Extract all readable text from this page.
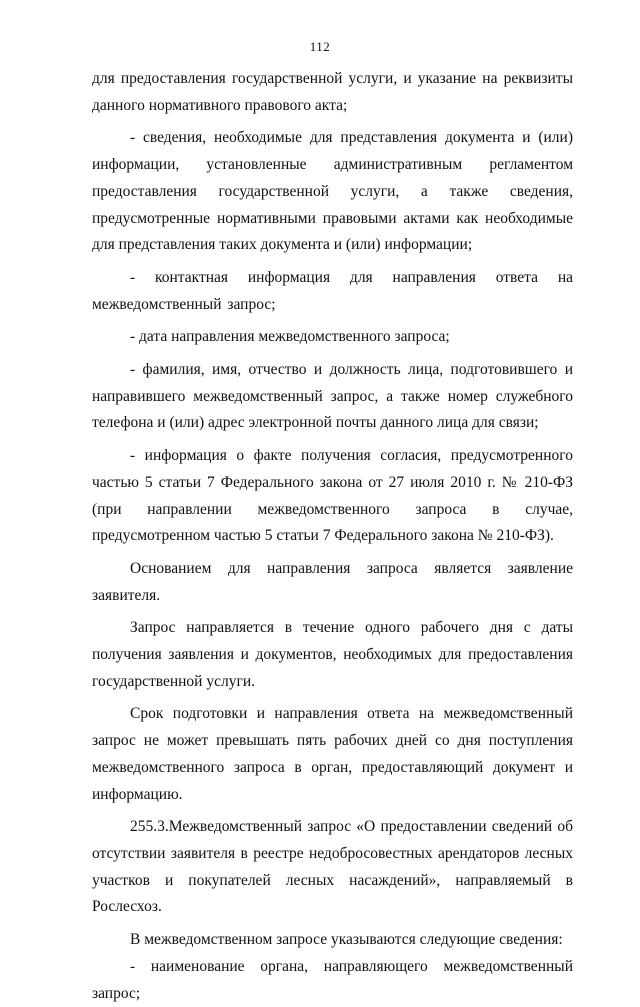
112

для предоставления государственной услуги, и указание на реквизиты данного нормативного правового акта;

- сведения, необходимые для представления документа и (или) информации, установленные административным регламентом предоставления государственной услуги, а также сведения, предусмотренные нормативными правовыми актами как необходимые для представления таких документа и (или) информации;

- контактная информация для направления ответа на межведомственный запрос;

- дата направления межведомственного запроса;

- фамилия, имя, отчество и должность лица, подготовившего и направившего межведомственный запрос, а также номер служебного телефона и (или) адрес электронной почты данного лица для связи;

- информация о факте получения согласия, предусмотренного частью 5 статьи 7 Федерального закона от 27 июля 2010 г. № 210-ФЗ (при направлении межведомственного запроса в случае, предусмотренном частью 5 статьи 7 Федерального закона № 210-ФЗ).

Основанием для направления запроса является заявление заявителя.

Запрос направляется в течение одного рабочего дня с даты получения заявления и документов, необходимых для предоставления государственной услуги.

Срок подготовки и направления ответа на межведомственный запрос не может превышать пять рабочих дней со дня поступления межведомственного запроса в орган, предоставляющий документ и информацию.

255.3.Межведомственный запрос «О предоставлении сведений об отсутствии заявителя в реестре недобросовестных арендаторов лесных участков и покупателей лесных насаждений», направляемый в Рослесхоз.

В межведомственном запросе указываются следующие сведения:

- наименование органа, направляющего межведомственный запрос;
